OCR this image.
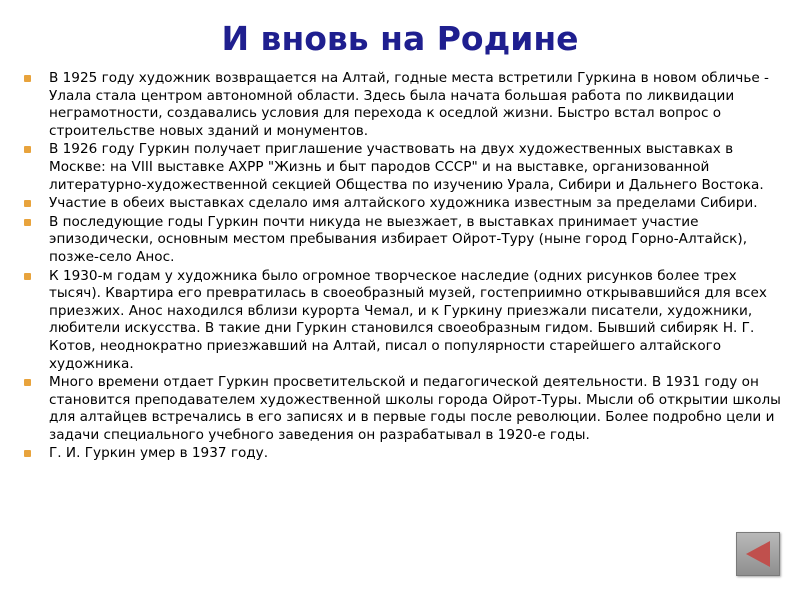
И вновь на Родине
В 1925 году художник возвращается на Алтай, годные места встретили Гуркина в новом обличье - Улала стала центром автономной области. Здесь была начата большая работа по ликвидации неграмотности, создавались условия для перехода к оседлой жизни. Быстро встал вопрос о строительстве новых зданий и монументов.
В 1926 году Гуркин получает приглашение участвовать на двух художественных выставках в Москве: на VIII выставке АХРР "Жизнь и быт пародов СССР" и на выставке, организованной литературно-художественной секцией Общества по изучению Урала, Сибири и Дальнего Востока.
Участие в обеих выставках сделало имя алтайского художника известным за пределами Сибири.
В последующие годы Гуркин почти никуда не выезжает, в выставках принимает участие эпизодически, основным местом пребывания избирает Ойрот-Туру (ныне город Горно-Алтайск), позже-село Анос.
К 1930-м годам у художника было огромное творческое наследие (одних рисунков более трех тысяч). Квартира его превратилась в своеобразный музей, гостеприимно открывавшийся для всех приезжих. Анос находился вблизи курорта Чемал, и к Гуркину приезжали писатели, художники, любители искусства. В такие дни Гуркин становился своеобразным гидом. Бывший сибиряк Н. Г. Котов, неоднократно приезжавший на Алтай, писал о популярности старейшего алтайского художника.
Много времени отдает Гуркин просветительской и педагогической деятельности. В 1931 году он становится преподавателем художественной школы города Ойрот-Туры. Мысли об открытии школы для алтайцев встречались в его записях и в первые годы после революции. Более подробно цели и задачи специального учебного заведения он разрабатывал в 1920-е годы.
Г. И. Гуркин умер в 1937 году.
